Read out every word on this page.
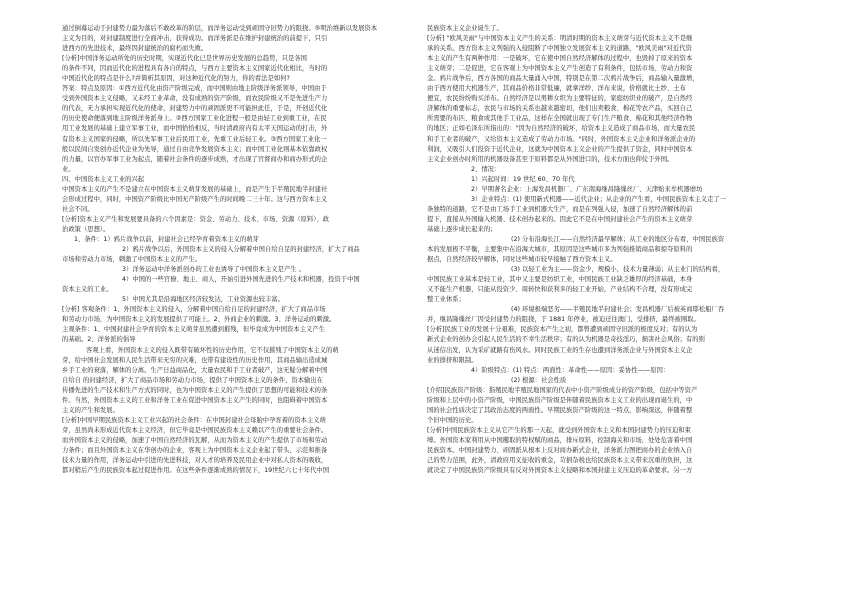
通过倒幕运动于封建势力最为落后不敢改革的阶层，而洋务运动受到顽固守旧势力的阻挠。⑤明治维新以发展资本

主义为目的，对封建制度进行全面冲击，获得成功。而洋务派是在维护封建统治的前提下，只引

进西方的先进技术，最终因封建统治的腐朽而失败。

[分析]中国洋务运动所处的历史时期，实现近代化已是世界历史发展的总趋势，只是各国

的条件不同，因而近代化的进程具有各自的特点，与西方主要资本主义国家近代化相比，当时的

中国近代化的特点是什么?并简析其原因，对这种近代化的努力，你的看法是如何?

答案：特点及原因：①西方近代化由资产阶级完成，而中国则由地主阶级洋务派领导，中国由于

受到外国资本主义侵略，又未经工业革命，没有成熟的资产阶级，而农民阶级又不是先进生产力

的代表，无力承担实现近代化的使命，封建势力中的顽固派更不可能担此任，于是，开创近代化

的历史使命便落到地主阶级洋务派身上。②西方国家工业化进程一般是由轻工业到重工业，在民

用工业发展的基础上建立军事工业，而中国恰恰相反，当时清政府内有太平天国运动的打击，外

有资本主义国家的侵略，所以先军事工业后民用工业，先重工业后轻工业。③西方国家工业化一

般以民间自发创办近代企业为先导，通过自由竞争发展资本主义；而中国工业化则基本依靠政权

的力量，以官办军事工业为起点，随着社会条件的逐步成熟，才出现了官督商办和商办形式的企

业。

四、中国资本主义工业的兴起

中国资本主义的产生不是建立在中国资本主义萌芽发展的基础上，而是产生于半殖民地半封建社

会形成过程中，同时，中国资产阶级比中国无产阶级产生的时间晚二三十年。这与西方资本主义

社会不同。

[分析]资本主义产生和发展要具备的六个因素是：资金、劳动力、技术、市场、资源（原料）、政

治政策（思想）。

1、条件：1）鸦片战争以前，封建社会已经孕育着资本主义的萌芽

2）鸦片战争以后，外国资本主义的侵入分解着中国自给自足的封建经济，扩大了商品

市场和劳动力市场，刺激了中国资本主义的产生。

3）洋务运动中洋务派创办的工业也诱导了中国资本主义是产生 。

4）中国的一些官僚、地主、商人，开始引进外国先进的生产技术和机器，投资于中国

资本主义的工业。

5）中国尤其是沿海地区经济较发达，工业资源也较丰富。

[分析] 客观条件：1、外国资本主义的侵入，分解着中国自给自足的封建经济，扩大了商品市场

和劳动力市场，为中国资本主义的发展提供了可能上。2、外商企业的刺激。3、洋务运动的刺激。

主观条件：1、中国封建社会孕育的资本主义萌芽虽然遭到摧残，但毕竟成为中国资本主义产生

的基础。2、洋务派的倡导

客观上看，外国资本主义的侵入既带有破坏性的历史作用，它不仅摧残了中国资本主义的萌

芽，给中国社会发展和人民生活带来无穷的灾难，也带有建设性的历史作用，其商品输出造成城

乡手工业的衰落，解体的分离。生产日益商品化，大量农民和手工业者破产，这无疑分解着中国

自给自 的封建经济，扩大了商品市场和劳动力市场，提供了中国资本主义的条件，资本输出在

传播先进的生产技术和生产方式的同时，也为中国资本主义的产生提供了思想的可能和技术的条

件。当然，外国资本主义的工业和洋务工业在促进中国资本主义产生的同时，也阻碍着中国资本

主义的产生和发展。

[分析]中国早期民族资本主义工业兴起的社会条件：在中国封建社会母胎中孕育着的资本主义萌

芽，虽然尚未形成近代资本主义经济，但它毕竟是中国民族资本主义赖以产生的重要社会条件。

而外国资本主义的侵略，加速了中国自然经济的瓦解，从而为资本主义的产生提供了市场和劳动

力条件；而且外国资本主义在华创办的企业，客观上为中国资本主义企业起了带头、示范和推备

技术力量的作用，洋务运动中引进的先进科技，对人才的培养及民用企业中对私人资本的吸收，

都对稍后产生的民族资本起过促进作用。在这些条件逐渐成熟的情况下，19世纪六七十年代中国

民族资本主义企业诞生了。

[分析] "欧风美雨"与中国资本主义产生的关系：明清时期的资本主义萌芽与近代资本主义不是继

承的关系。西方资本主义列强的入侵阻断了中国独立发展资本主义的道路，"欧风美雨"对近代资

本主义的产生有两种作用：一是破坏，它在使中国自然经济解体的过程中，也毁掉了原来的资本

主义萌芽；二是促进，它在客观上为中国资本主义产生创造了有利条件，包括市场、劳动力和资

金。鸦片战争后，西方各国的商品大量涌入中国，特别是在第二次鸦片战争后，商品输入量激增，

由于西方使用大机器生产，其商品价格非常低廉，就拿洋纱、洋布来说，价格就比土纱、土布

便宜，农民纷纷购买洋布。自然经济是以男耕女织为主要特征的，家庭纺织业的破产，是自然经

济解体的重要标志，农民与市场的关系也越来越密切，他们出卖粮食、棉花等农产品，买回自己

所需要的布匹、粮食或其他手工业品，这样在全国就出现了专门生产粮食、棉花和其他经济作物

的地区；正如毛泽东所指出的："因为自然经济的破坏，给资本主义造成了商品市场，而大量农民

和手工业者的破产，又给资本主义造成了劳动力市场。"同时，外国资本主义企业和洋务派企业的

利润，又吸引人们投资于近代企业，这就为中国资本主义企业的产生提供了资金，同时中国资本

主义企业创办时所用的机器设备甚至于原料都是从外国进口的，技术方面也仰仗于外国。

2、情况：

1）兴起时间：19 世纪 60、70 年代

2）早期著名企业：上海发昌机器厂、广东南海继昌隆缫丝厂、天津贻来牟机器磨坊

3）企业特点：(1) 使用新式机器——近代企业；从企业的产生看，中国民族资本主义走了一

条独特的道路，它不是由工场手工业到机器大生产，而是在列强入侵，加速了自然经济解体的前

提下，直接从外国输入机器、技术创办起来的。因此它不是在中国封建社会产生的资本主义萌芽

基础上逐步成长起来的；

(2) 分布沿海长江——自然经济最早解体；从工业的地区分布看，中国民族资

本的发展极不平衡，主要集中在沿海大城市，其原因是这些城市多为列强推销商品和掠夺原料的

据点，自然经济较早解体，同时这些城市较早接触了西方资本主义。

(3) 以轻工业为主——资金少，规模小，技术力量薄弱；从主业门的结构看，

中国民族工业基本是轻工业，其中又主要是纺织工业，中国民族工业缺乏雄厚的经济基础，本身

又不能生产机器，只能从投资少、周转快和获利多的轻工业开始，产业结构不合理，没有形成完

整工业体系；

(4) 环境极端恶劣——半殖民地半封建社会；发昌机器厂后被英商耶松船厂吞

并，继昌隆缫丝厂因受封建势力的阻挠，于 1881 年停业，被迫迁往澳门，受排挤，最终被刚取。

[分析]民族工业的发展十分艰难，民族资本产生之初，都曾遭到顽固守旧派的极度反对；有的认为

新式企业的创办会引起人民生活的不幸生活秩序；有的认为机器是奇技淫巧，损害社会风俗；有的则

从迷信出发，认为采矿就路有伤风水。同时民族工业的生存也遭到洋务派企业与外国资本主义企

业的排挤和限制。

4）阶级特点：(1) 特点：两面性：革命性——原因：妥协性——原因：

(2) 根源：社会性质

[介绍]民族资产阶级：指殖民地半殖民地国家的代表中小资产阶级成分的资产阶级，包括中等资产

阶级和上层中的小资产阶级，中国民族资产阶级是伴随着民族资本主义工业的出现而诞生的，中

国的社会性质决定了其政治态度的两面性。早期民族资产阶级的这一特点，影响深远，伴随着整

个旧中国的历史。

[分析]中国民族资本主义从它产生的那一天起，就受到外国资本主义和本国封建势力的压迫和束

缚。外国资本家利用从中国攫取的特权赋的商品，排斥原料，控制海关和市场，处处危害着中国

民族资本。中国封建势力、顽固派从根本上反对商办新式企业，洋务派力图把商办的企业纳入自

己的势力范围，此外，清政府用义征收的重金，苛捐杂税也给民族资本主义带来沉重的负担，这

就决定了中国民族资产阶级具有反对外国资本主义侵略和本国封建主义压迫的革命要求。另一方
